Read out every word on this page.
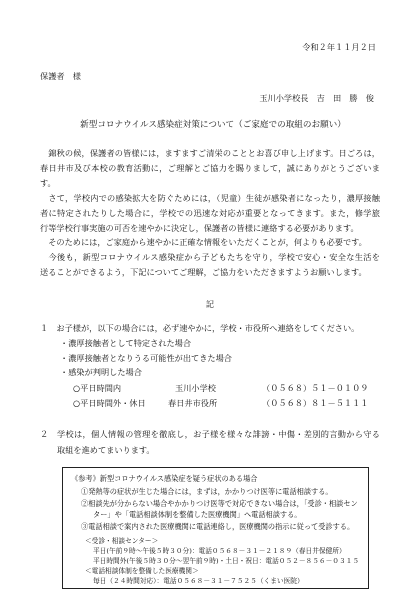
令和２年１１月２日
保護者　様
玉川小学校長　吉　田　勝　俊
新型コロナウイルス感染症対策について（ご家庭での取組のお願い）
　錦秋の候，保護者の皆様には，ますますご清栄のこととお喜び申し上げます。日ごろは，
春日井市及び本校の教育活動に，ご理解とご協力を賜りまして，誠にありがとうございま
す。
　さて，学校内での感染拡大を防ぐためには，（児童）生徒が感染者になったり，濃厚接触
者に特定されたりした場合に，学校での迅速な対応が重要となってきます。また，修学旅
行等学校行事実施の可否を速やかに決定し，保護者の皆様に連絡する必要があります。
　そのためには，ご家庭から速やかに正確な情報をいただくことが，何よりも必要です。
　今後も，新型コロナウイルス感染症から子どもたちを守り，学校で安心・安全な生活を
送ることができるよう，下記についてご理解，ご協力をいただきますようお願いします。
記
１　お子様が，以下の場合には，必ず速やかに，学校・市役所へ連絡をしてください。
・濃厚接触者として特定された場合
・濃厚接触者となりうる可能性が出てきた場合
・感染が判明した場合
○平日時間内	玉川小学校	（０５６８）５１－０１０９
○平日時間外・休日	春日井市役所	（０５６８）８１－５１１１
２　学校は，個人情報の管理を徹底し，お子様を様々な誹謗・中傷・差別的言動から守る
取組を進めてまいります。
《参考》新型コロナウイルス感染症を疑う症状のある場合
①発熱等の症状が生じた場合には，まずは，かかりつけ医等に電話相談する。
②相談先が分からない場合やかかりつけ医等で対応できない場合は，「受診・相談セン
ター」や「電話相談体制を整備した医療機関」へ電話相談する。
③電話相談で案内された医療機関に電話連絡し，医療機関の指示に従って受診する。
＜受診・相談センター＞
平日(午前９時～午後５時３０分)：電話０５６８－３１－２１８９（春日井保健所）
平日時間外(午後５時３０分～翌午前９時)・土日・祝日：電話０５２－８５６－０３１５
＜電話相談体制を整備した医療機関＞
毎日（２４時間対応）：電話０５６８－３１－７５２５（くまい医院）
